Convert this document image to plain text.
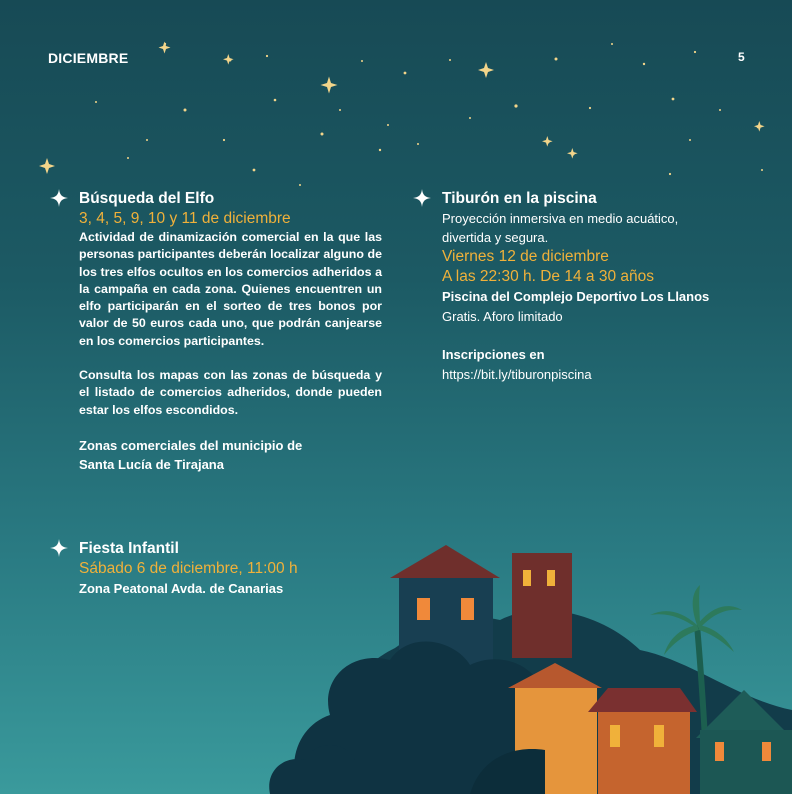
DICIEMBRE	5
Búsqueda del Elfo
3, 4, 5, 9, 10 y 11 de diciembre
Actividad de dinamización comercial en la que las personas participantes deberán localizar alguno de los tres elfos ocultos en los comercios adheridos a la campaña en cada zona. Quienes encuentren un elfo participarán en el sorteo de tres bonos por valor de 50 euros cada uno, que podrán canjearse en los comercios participantes.
Consulta los mapas con las zonas de búsqueda y el listado de comercios adheridos, donde pueden estar los elfos escondidos.
Zonas comerciales del municipio de
Santa Lucía de Tirajana
Fiesta Infantil
Sábado 6 de diciembre, 11:00 h
Zona Peatonal Avda. de Canarias
Tiburón en la piscina
Proyección inmersiva en medio acuático,
divertida y segura.
Viernes 12 de diciembre
A las 22:30 h. De 14 a 30 años
Piscina del Complejo Deportivo Los Llanos
Gratis. Aforo limitado
Inscripciones en
https://bit.ly/tiburonpiscina
